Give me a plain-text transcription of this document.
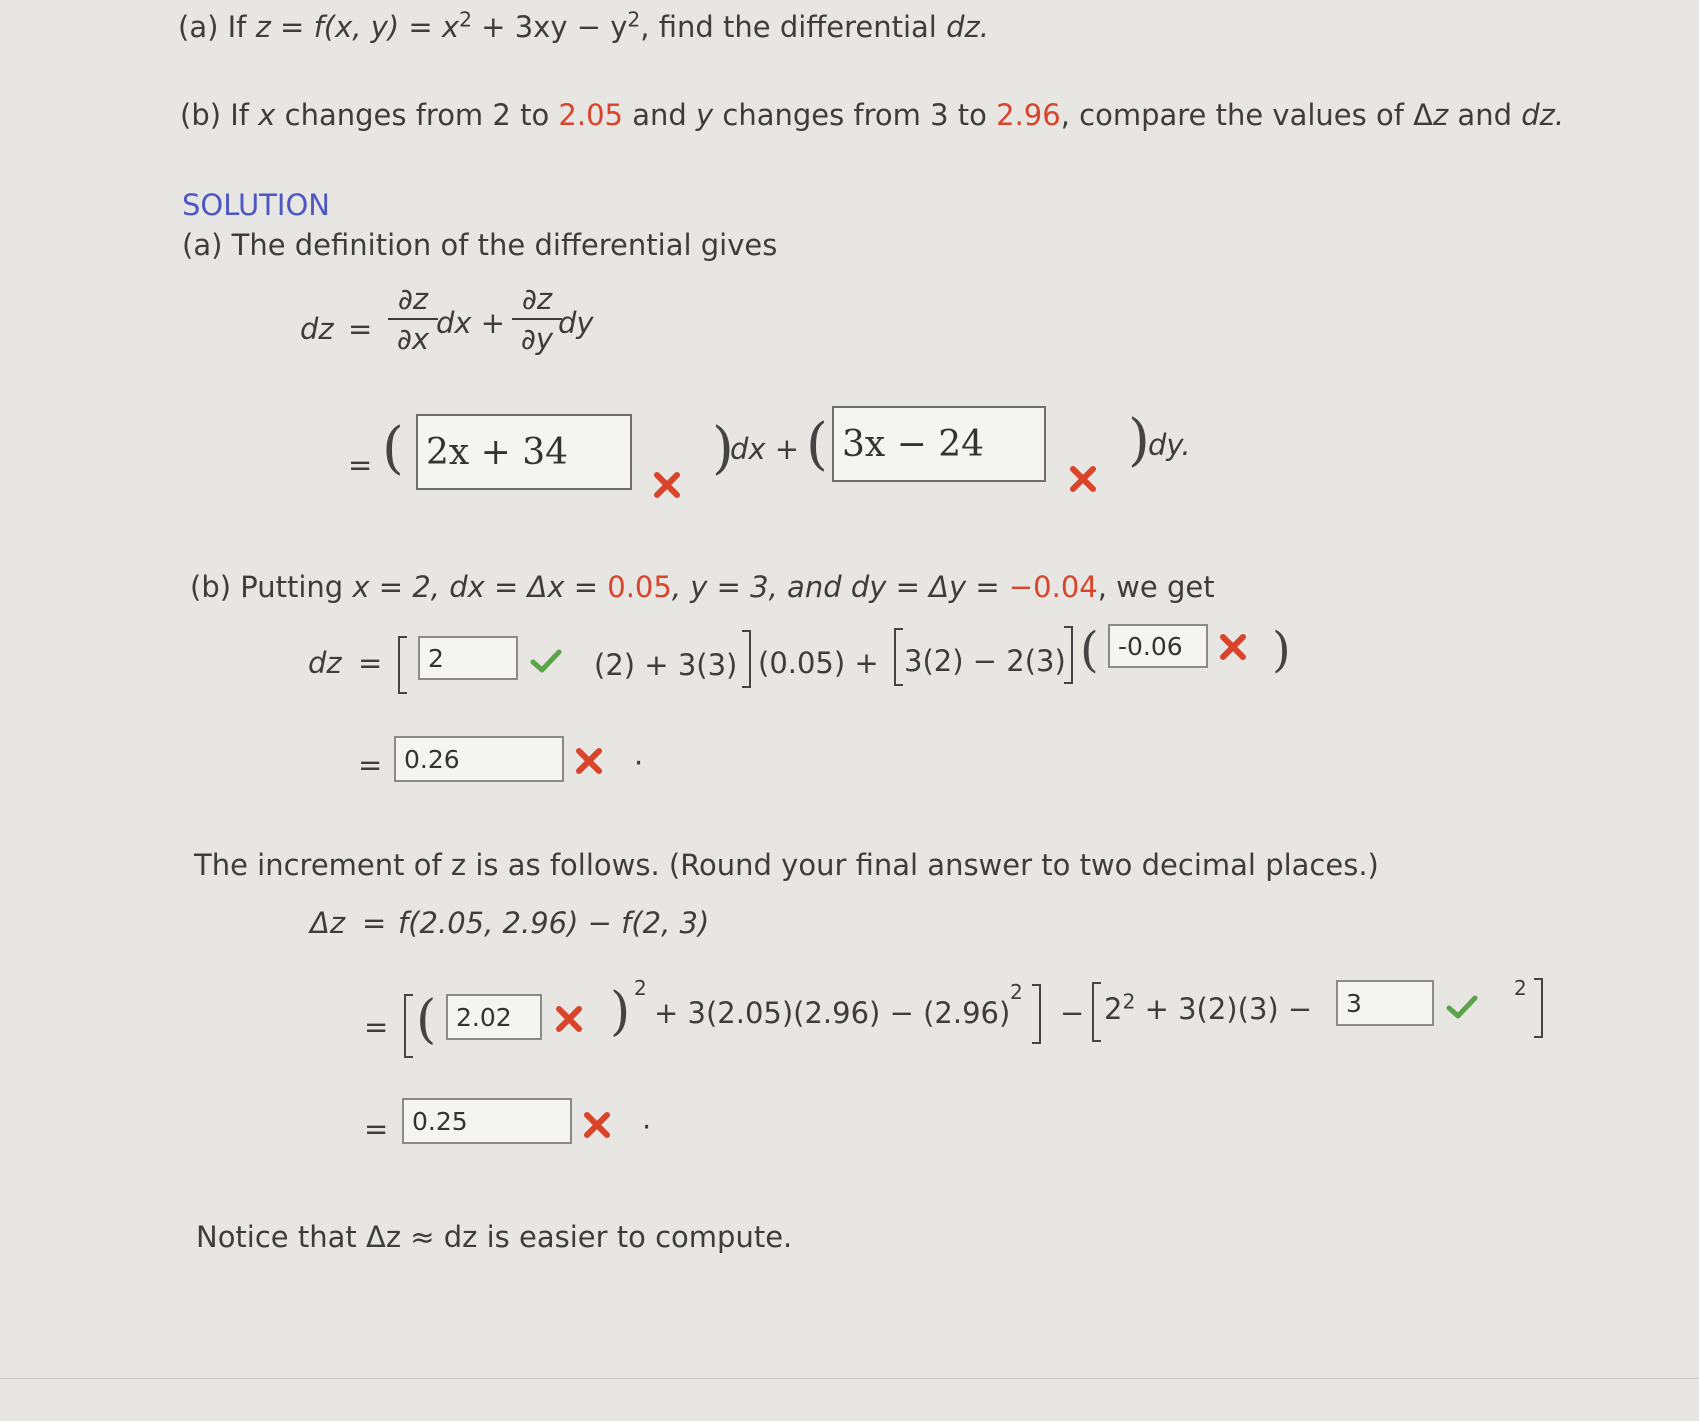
(a) If z = f(x, $y) = x^2 + 3xy - y^2$, find the differential dz.
(b) If x changes from 2 to 2.05 and y changes from 3 to 2.96, compare the values of Δz and dz.
SOLUTION
(a) The definition of the differential gives
dz =
∂z
∂x dx +
∂z
∂y dy
= ( 2x + 34	)
dx + ( 3x − 24	)
dy.
(b) Putting x = 2, dx = Δx = 0.05, y = 3, and dy = Δy = −0.04, we get
dz =	2	(2) + 3(3) (0.05) + 3(2) − 2(3) ( -0.06	)
= 0.26	·
The increment of z is as follows. (Round your final answer to two decimal places.)
Δz = f(2.05, 2.96) − f(2, 3)
= ( 2.02	) 2
+ 3(2.05)(2.96) − (2.96)
2
− $2^2 + 3(2)(3)$ −	3
2
= 0.25	·
Notice that Δz ≈ dz is easier to compute.
